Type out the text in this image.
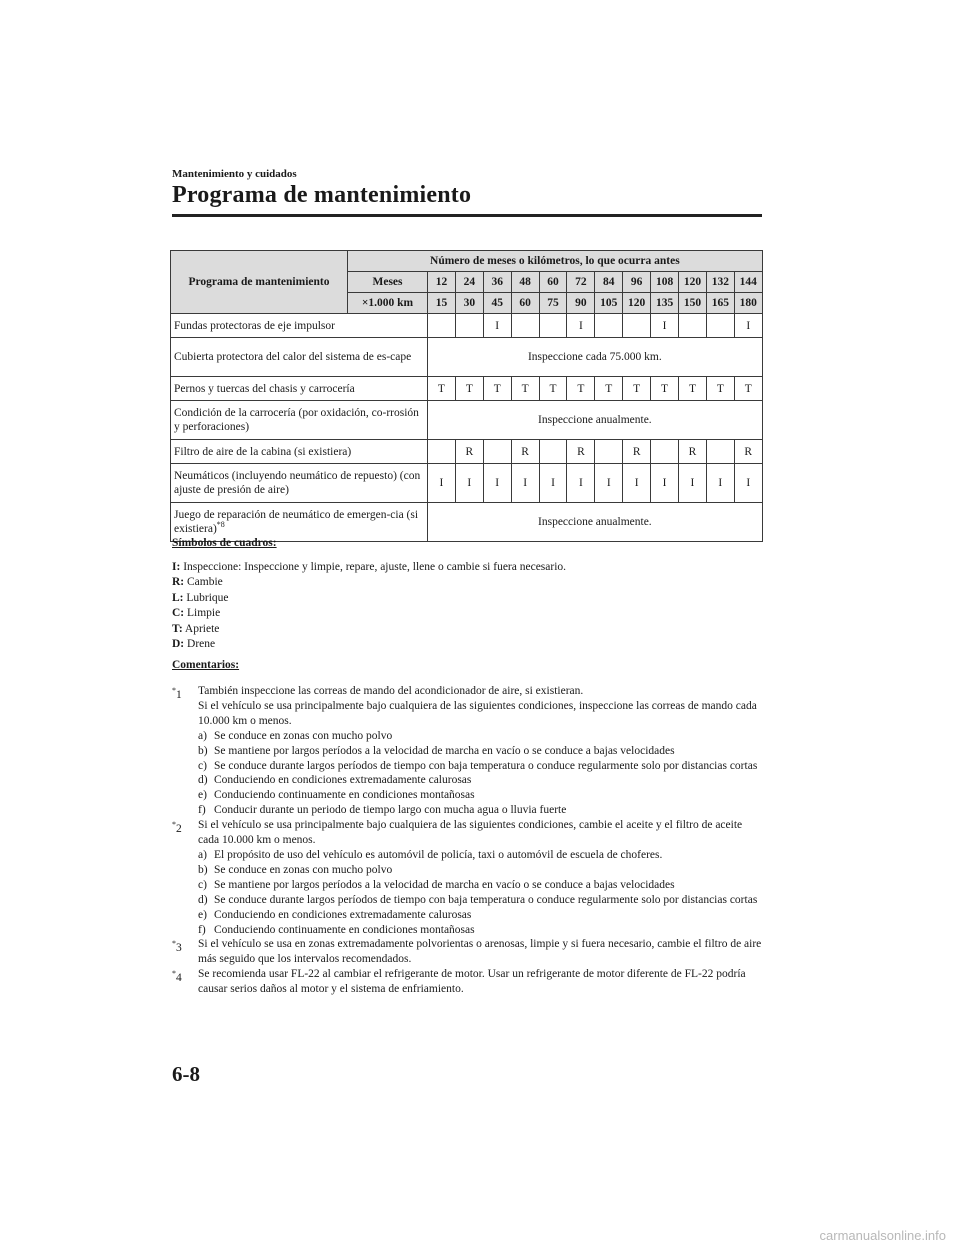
Mantenimiento y cuidados
Programa de mantenimiento
Programa de mantenimiento	Número de meses o kilómetros, lo que ocurra antes												
	Meses	12	24	36	48	60	72	84	96	108	120	132	144
	×1.000 km	15	30	45	60	75	90	105	120	135	150	165	180
Fundas protectoras de eje impulsor				I			I			I			I
Cubierta protectora del calor del sistema de es-cape		Inspeccione cada 75.000 km.											
Pernos y tuercas del chasis y carrocería		T	T	T	T	T	T	T	T	T	T	T	T
Condición de la carrocería (por oxidación, co-rrosión y perforaciones)		Inspeccione anualmente.											
Filtro de aire de la cabina (si existiera)			R		R		R		R		R		R
Neumáticos (incluyendo neumático de repuesto) (con ajuste de presión de aire)		I	I	I	I	I	I	I	I	I	I	I	I
Juego de reparación de neumático de emergen-cia (si existiera)$^{*8}$		Inspeccione anualmente.											
Símbolos de cuadros:
I: Inspeccione: Inspeccione y limpie, repare, ajuste, llene o cambie si fuera necesario.
R: Cambie
L: Lubrique
C: Limpie
T: Apriete
D: Drene
Comentarios:
*1 También inspeccione las correas de mando del acondicionador de aire, si existieran.
Si el vehículo se usa principalmente bajo cualquiera de las siguientes condiciones, inspeccione las correas de mando cada 10.000 km o menos.
a) Se conduce en zonas con mucho polvo
b) Se mantiene por largos períodos a la velocidad de marcha en vacío o se conduce a bajas velocidades
c) Se conduce durante largos períodos de tiempo con baja temperatura o conduce regularmente solo por distancias cortas
d) Conduciendo en condiciones extremadamente calurosas
e) Conduciendo continuamente en condiciones montañosas
f) Conducir durante un periodo de tiempo largo con mucha agua o lluvia fuerte
*2 Si el vehículo se usa principalmente bajo cualquiera de las siguientes condiciones, cambie el aceite y el filtro de aceite cada 10.000 km o menos.
a) El propósito de uso del vehículo es automóvil de policía, taxi o automóvil de escuela de choferes.
b) Se conduce en zonas con mucho polvo
c) Se mantiene por largos períodos a la velocidad de marcha en vacío o se conduce a bajas velocidades
d) Se conduce durante largos períodos de tiempo con baja temperatura o conduce regularmente solo por distancias cortas
e) Conduciendo en condiciones extremadamente calurosas
f) Conduciendo continuamente en condiciones montañosas
*3 Si el vehículo se usa en zonas extremadamente polvorientas o arenosas, limpie y si fuera necesario, cambie el filtro de aire más seguido que los intervalos recomendados.
*4 Se recomienda usar FL-22 al cambiar el refrigerante de motor. Usar un refrigerante de motor diferente de FL-22 podría causar serios daños al motor y el sistema de enfriamiento.
6-8
carmanualsonline.info
